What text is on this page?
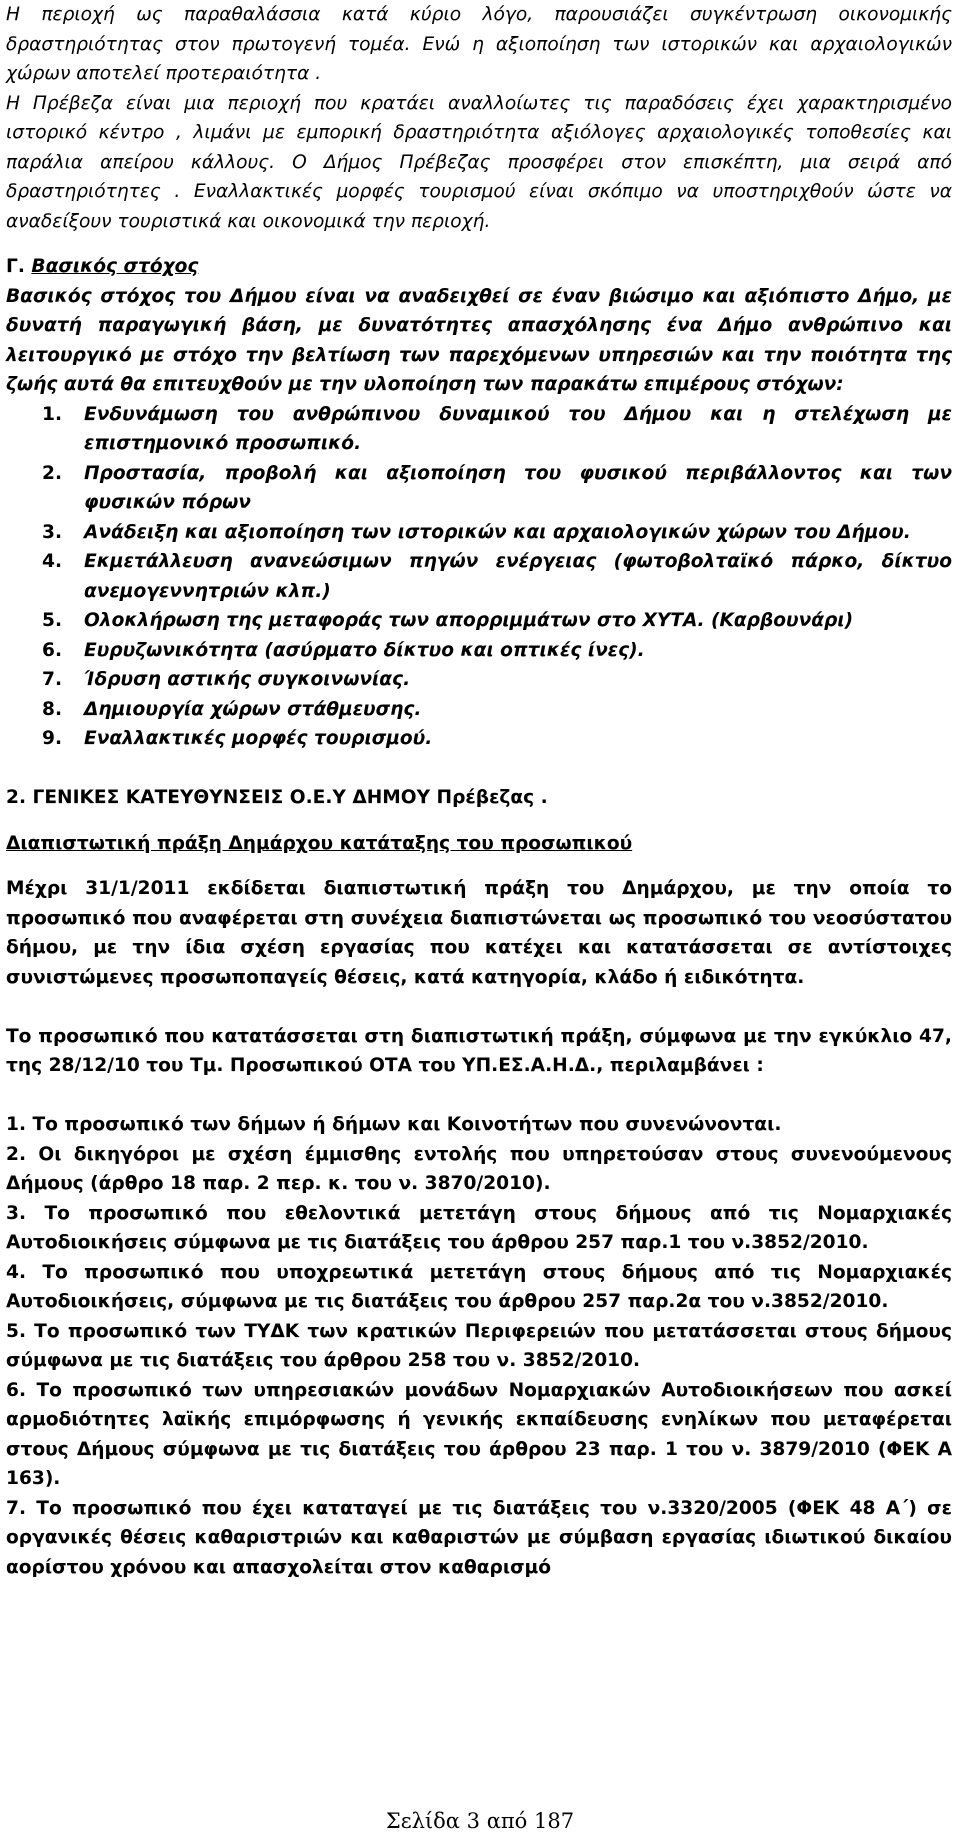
Η περιοχή ως παραθαλάσσια κατά κύριο λόγο, παρουσιάζει συγκέντρωση οικονομικής δραστηριότητας στον πρωτογενή τομέα. Ενώ η αξιοποίηση των ιστορικών και αρχαιολογικών χώρων αποτελεί προτεραιότητα .

Η Πρέβεζα είναι μια περιοχή που κρατάει αναλλοίωτες τις παραδόσεις έχει χαρακτηρισμένο ιστορικό κέντρο , λιμάνι με εμπορική δραστηριότητα αξιόλογες αρχαιολογικές τοποθεσίες και παράλια απείρου κάλλους. Ο Δήμος Πρέβεζας προσφέρει στον επισκέπτη, μια σειρά από δραστηριότητες . Εναλλακτικές μορφές τουρισμού είναι σκόπιμο να υποστηριχθούν ώστε να αναδείξουν τουριστικά και οικονομικά την περιοχή.

Γ. Βασικός στόχος

Βασικός στόχος του Δήμου είναι να αναδειχθεί σε έναν βιώσιμο και αξιόπιστο Δήμο, με δυνατή παραγωγική βάση, με δυνατότητες απασχόλησης ένα Δήμο ανθρώπινο και λειτουργικό με στόχο την βελτίωση των παρεχόμενων υπηρεσιών και την ποιότητα της ζωής αυτά θα επιτευχθούν με την υλοποίηση των παρακάτω επιμέρους στόχων:

1. Ενδυνάμωση του ανθρώπινου δυναμικού του Δήμου και η στελέχωση με επιστημονικό προσωπικό.
2. Προστασία, προβολή και αξιοποίηση του φυσικού περιβάλλοντος και των φυσικών πόρων
3. Ανάδειξη και αξιοποίηση των ιστορικών και αρχαιολογικών χώρων του Δήμου.
4. Εκμετάλλευση ανανεώσιμων πηγών ενέργειας (φωτοβολταϊκό πάρκο, δίκτυο ανεμογεννητριών κλπ.)
5. Ολοκλήρωση της μεταφοράς των απορριμμάτων στο ΧΥΤΑ. (Καρβουνάρι)
6. Ευρυζωνικότητα (ασύρματο δίκτυο και οπτικές ίνες).
7. Ίδρυση αστικής συγκοινωνίας.
8. Δημιουργία χώρων στάθμευσης.
9. Εναλλακτικές μορφές τουρισμού.

2. ΓΕΝΙΚΕΣ ΚΑΤΕΥΘΥΝΣΕΙΣ Ο.Ε.Υ ΔΗΜΟΥ Πρέβεζας .

Διαπιστωτική πράξη Δημάρχου κατάταξης του προσωπικού

Μέχρι 31/1/2011 εκδίδεται διαπιστωτική πράξη του Δημάρχου, με την οποία το προσωπικό που αναφέρεται στη συνέχεια διαπιστώνεται ως προσωπικό του νεοσύστατου δήμου, με την ίδια σχέση εργασίας που κατέχει και κατατάσσεται σε αντίστοιχες συνιστώμενες προσωποπαγείς θέσεις, κατά κατηγορία, κλάδο ή ειδικότητα.

Το προσωπικό που κατατάσσεται στη διαπιστωτική πράξη, σύμφωνα με την εγκύκλιο 47, της 28/12/10 του Τμ. Προσωπικού ΟΤΑ του ΥΠ.ΕΣ.Α.Η.Δ., περιλαμβάνει :

1. Το προσωπικό των δήμων ή δήμων και Κοινοτήτων που συνενώνονται.

2. Οι δικηγόροι με σχέση έμμισθης εντολής που υπηρετούσαν στους συνενούμενους Δήμους (άρθρο 18 παρ. 2 περ. κ. του ν. 3870/2010).

3. Το προσωπικό που εθελοντικά μετετάγη στους δήμους από τις Νομαρχιακές Αυτοδιοικήσεις σύμφωνα με τις διατάξεις του άρθρου 257 παρ.1 του ν.3852/2010.

4. Το προσωπικό που υποχρεωτικά μετετάγη στους δήμους από τις Νομαρχιακές Αυτοδιοικήσεις, σύμφωνα με τις διατάξεις του άρθρου 257 παρ.2α του ν.3852/2010.

5. Το προσωπικό των ΤΥΔΚ των κρατικών Περιφερειών που μετατάσσεται στους δήμους σύμφωνα με τις διατάξεις του άρθρου 258 του ν. 3852/2010.

6. Το προσωπικό των υπηρεσιακών μονάδων Νομαρχιακών Αυτοδιοικήσεων που ασκεί αρμοδιότητες λαϊκής επιμόρφωσης ή γενικής εκπαίδευσης ενηλίκων που μεταφέρεται στους Δήμους σύμφωνα με τις διατάξεις του άρθρου 23 παρ. 1 του ν. 3879/2010 (ΦΕΚ Α 163).

7. Το προσωπικό που έχει καταταγεί με τις διατάξεις του ν.3320/2005 (ΦΕΚ 48 Α΄) σε οργανικές θέσεις καθαριστριών και καθαριστών με σύμβαση εργασίας ιδιωτικού δικαίου αορίστου χρόνου και απασχολείται στον καθαρισμό

Σελίδα 3 από 187
